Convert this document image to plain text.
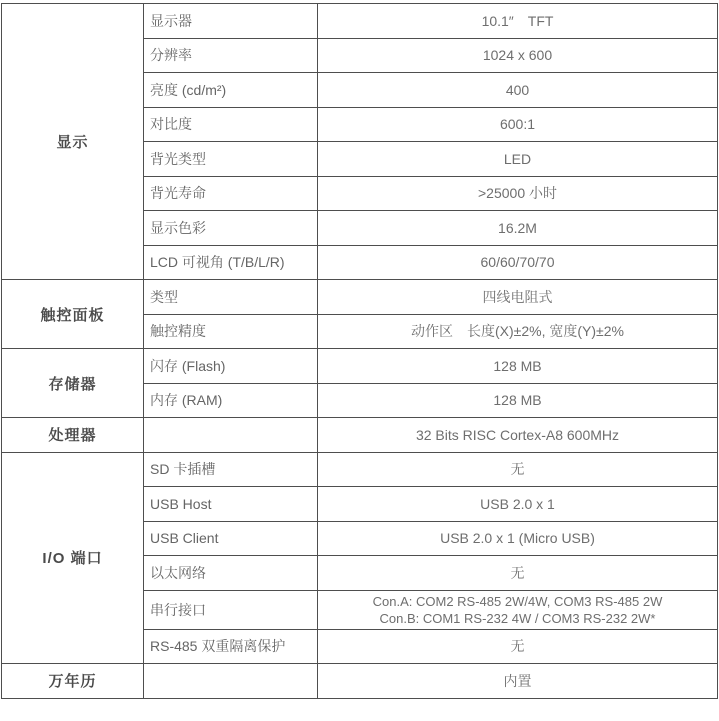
显示	显示器	10.1″　TFT
	分辨率	1024 x 600
	亮度 (cd/m²)	400
	对比度	600:1
	背光类型	LED
	背光寿命	>25000 小时
	显示色彩	16.2M
	LCD 可视角 (T/B/L/R)	60/60/70/70
触控面板	类型	四线电阻式
	触控精度	动作区　长度(X)±2%, 宽度(Y)±2%
存储器	闪存 (Flash)	128 MB
	内存 (RAM)	128 MB
处理器		32 Bits RISC Cortex-A8 600MHz
I/O 端口	SD 卡插槽	无
	USB Host	USB 2.0 x 1
	USB Client	USB 2.0 x 1 (Micro USB)
	以太网络	无
	串行接口	Con.A: COM2 RS-485 2W/4W, COM3 RS-485 2W
Con.B: COM1 RS-232 4W / COM3 RS-232 2W*

	RS-485 双重隔离保护	无
万年历		内置
